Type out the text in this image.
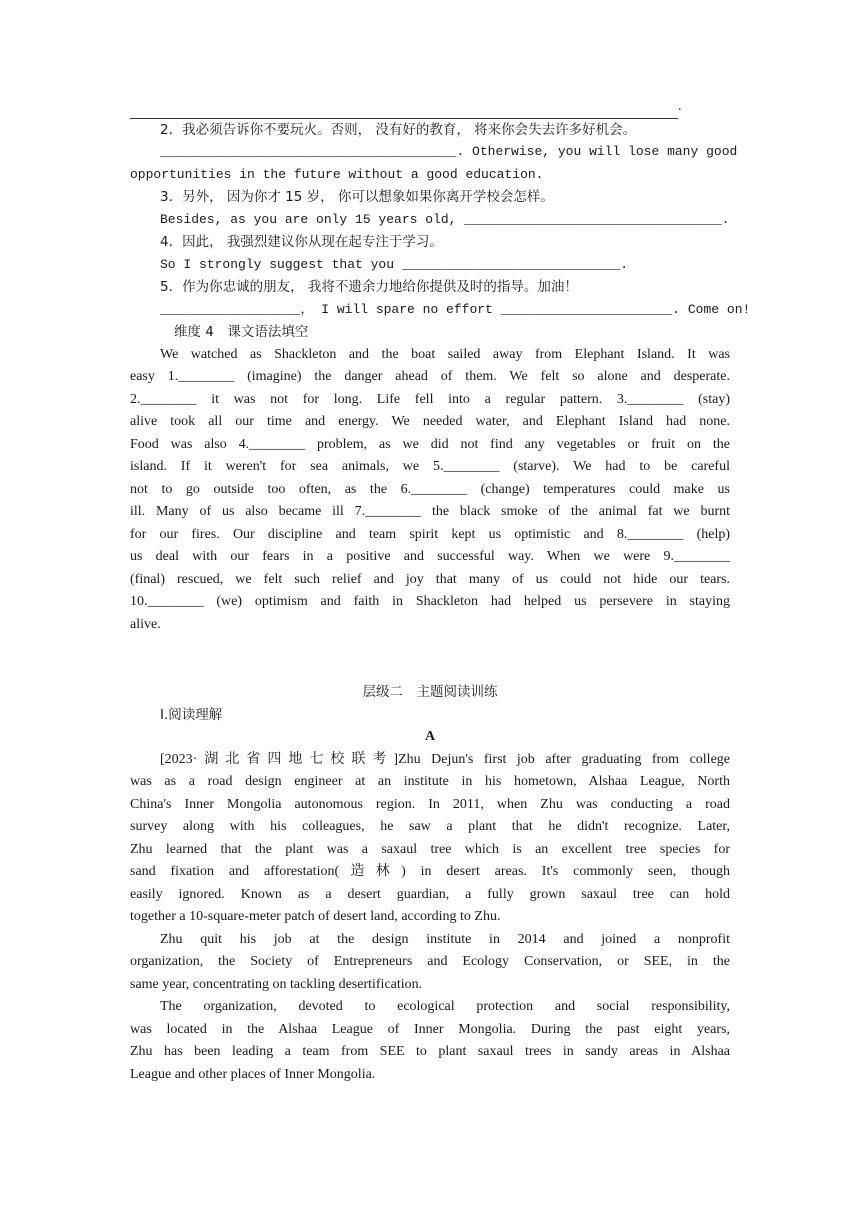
.
2．我必须告诉你不要玩火。否则， 没有好的教育， 将来你会失去许多好机会。
______________________________________. Otherwise, you will lose many good
opportunities in the future without a good education.
3．另外， 因为你才 15 岁， 你可以想象如果你离开学校会怎样。
Besides, as you are only 15 years old, _________________________________.
4．因此， 我强烈建议你从现在起专注于学习。
So I strongly suggest that you ____________________________.
5．作为你忠诚的朋友， 我将不遗余力地给你提供及时的指导。加油！
__________________， I will spare no effort ______________________. Come on!
维度 4　课文语法填空
We watched as Shackleton and the boat sailed away from Elephant Island. It was
easy 1.________ (imagine) the danger ahead of them. We felt so alone and desperate.
2.________ it was not for long. Life fell into a regular pattern. 3.________ (stay)
alive took all our time and energy. We needed water, and Elephant Island had none.
Food was also 4.________ problem, as we did not find any vegetables or fruit on the
island. If it weren't for sea animals, we 5.________ (starve). We had to be careful
not to go outside too often, as the 6.________ (change) temperatures could make us
ill. Many of us also became ill 7.________ the black smoke of the animal fat we burnt
for our fires. Our discipline and team spirit kept us optimistic and 8.________ (help)
us deal with our fears in a positive and successful way. When we were 9.________
(final) rescued, we felt such relief and joy that many of us could not hide our tears.
10.________ (we) optimism and faith in Shackleton had helped us persevere in staying
alive.
层级二　主题阅读训练
Ⅰ.阅读理解
A
[2023·湖北省四地七校联考]Zhu Dejun's first job after graduating from college
was as a road design engineer at an institute in his hometown, Alshaa League, North
China's Inner Mongolia autonomous region. In 2011, when Zhu was conducting a road
survey along with his colleagues, he saw a plant that he didn't recognize. Later,
Zhu learned that the plant was a saxaul tree which is an excellent tree species for
sand fixation and afforestation(造林) in desert areas. It's commonly seen, though
easily ignored. Known as a desert guardian, a fully grown saxaul tree can hold
together a 10-square-meter patch of desert land, according to Zhu.
Zhu quit his job at the design institute in 2014 and joined a nonprofit
organization, the Society of Entrepreneurs and Ecology Conservation, or SEE, in the
same year, concentrating on tackling desertification.
The organization, devoted to ecological protection and social responsibility,
was located in the Alshaa League of Inner Mongolia. During the past eight years,
Zhu has been leading a team from SEE to plant saxaul trees in sandy areas in Alshaa
League and other places of Inner Mongolia.
